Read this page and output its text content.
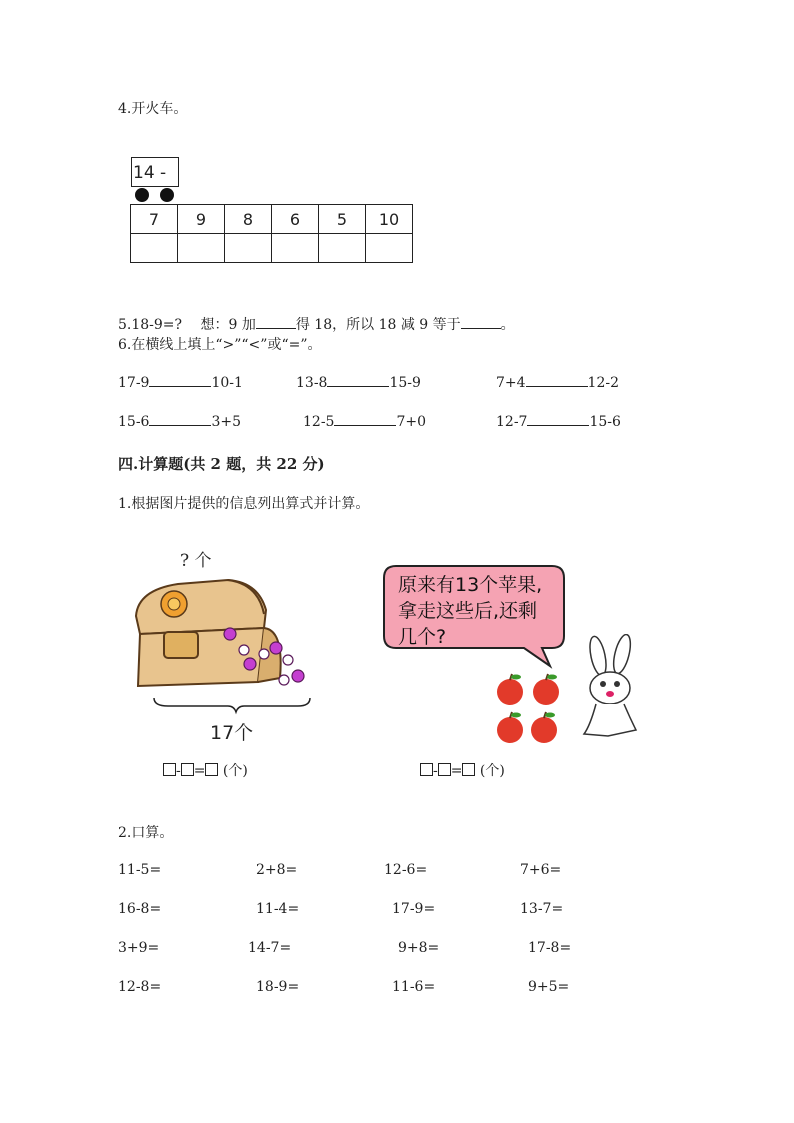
4.开火车。
14 -
7	9	8	6	5	10

5.18-9=?　 想：9 加	得 18，所以 18 减 9 等于	。
6.在横线上填上“>”“<”或“=”。
17-9	10-1	13-8	15-9	7+4	12-2
15-6	3+5	12-5	7+0	12-7	15-6
四.计算题(共 2 题，共 22 分)
1.根据图片提供的信息列出算式并计算。
? 个
17个
原来有13个苹果,
拿走这些后,还剩
几个?
- = (个)	- = (个)
2.口算。
11-5=	2+8=	12-6=	7+6=
16-8=	11-4=	17-9=	13-7=
3+9=	14-7=	9+8=	17-8=
12-8=	18-9=	11-6=	9+5=
